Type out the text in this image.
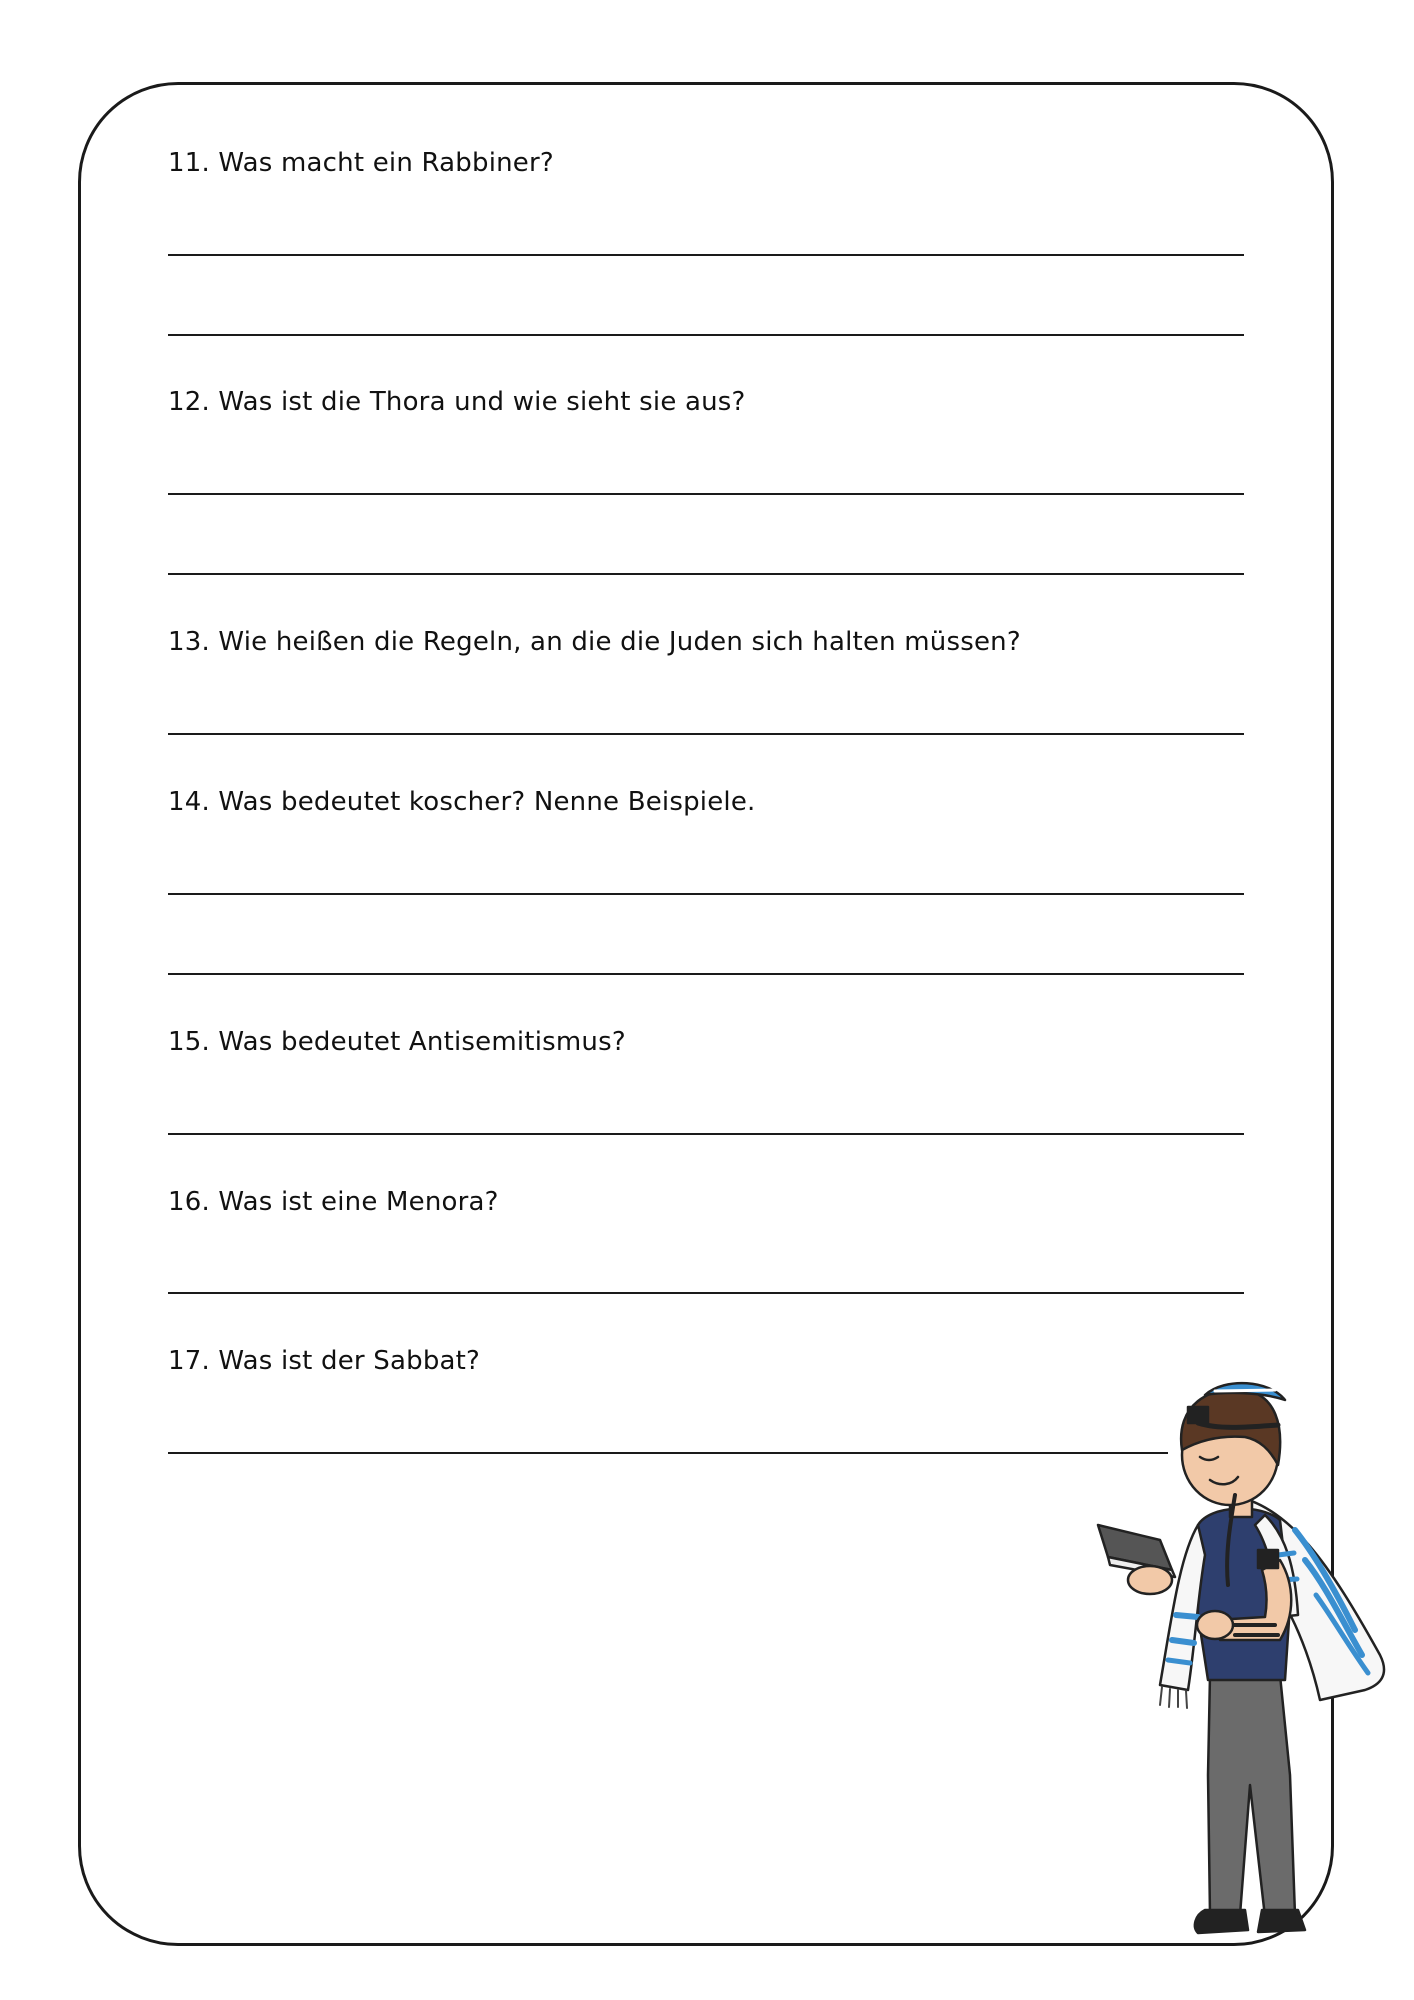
11. Was macht ein Rabbiner?
12. Was ist die Thora und wie sieht sie aus?
13. Wie heißen die Regeln, an die die Juden sich halten müssen?
14. Was bedeutet koscher? Nenne Beispiele.
15. Was bedeutet Antisemitismus?
16. Was ist eine Menora?
17. Was ist der Sabbat?
